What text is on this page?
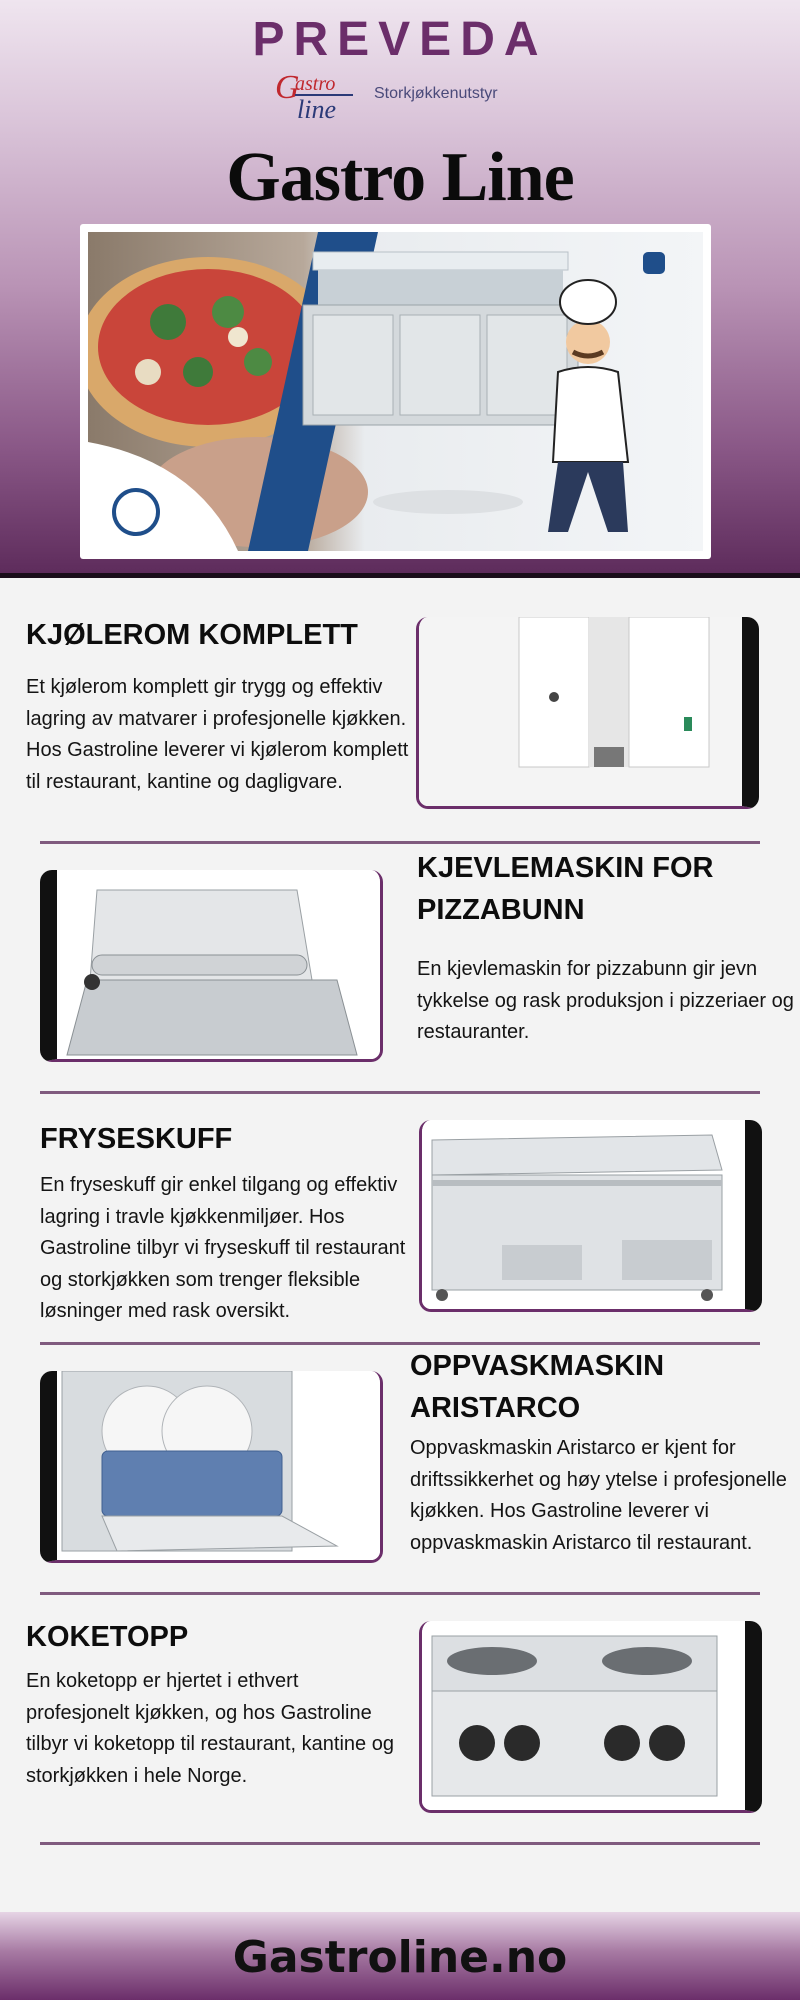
PREVEDA
G
astro
line
Storkjøkkenutstyr
Gastro Line
KJØLEROM KOMPLETT
Et kjølerom komplett gir trygg og effektiv lagring av matvarer i profesjonelle kjøkken. Hos Gastroline leverer vi kjølerom komplett til restaurant, kantine og dagligvare.
KJEVLEMASKIN FOR PIZZABUNN
En kjevlemaskin for pizzabunn gir jevn tykkelse og rask produksjon i pizzeriaer og restauranter.
FRYSESKUFF
En fryseskuff gir enkel tilgang og effektiv lagring i travle kjøkkenmiljøer. Hos Gastroline tilbyr vi fryseskuff til restaurant og storkjøkken som trenger fleksible løsninger med rask oversikt.
OPPVASKMASKIN ARISTARCO
Oppvaskmaskin Aristarco er kjent for driftssikkerhet og høy ytelse i profesjonelle kjøkken. Hos Gastroline leverer vi oppvaskmaskin Aristarco til restaurant.
KOKETOPP
En koketopp er hjertet i ethvert profesjonelt kjøkken, og hos Gastroline tilbyr vi koketopp til restaurant, kantine og storkjøkken i hele Norge.
Gastroline.no
